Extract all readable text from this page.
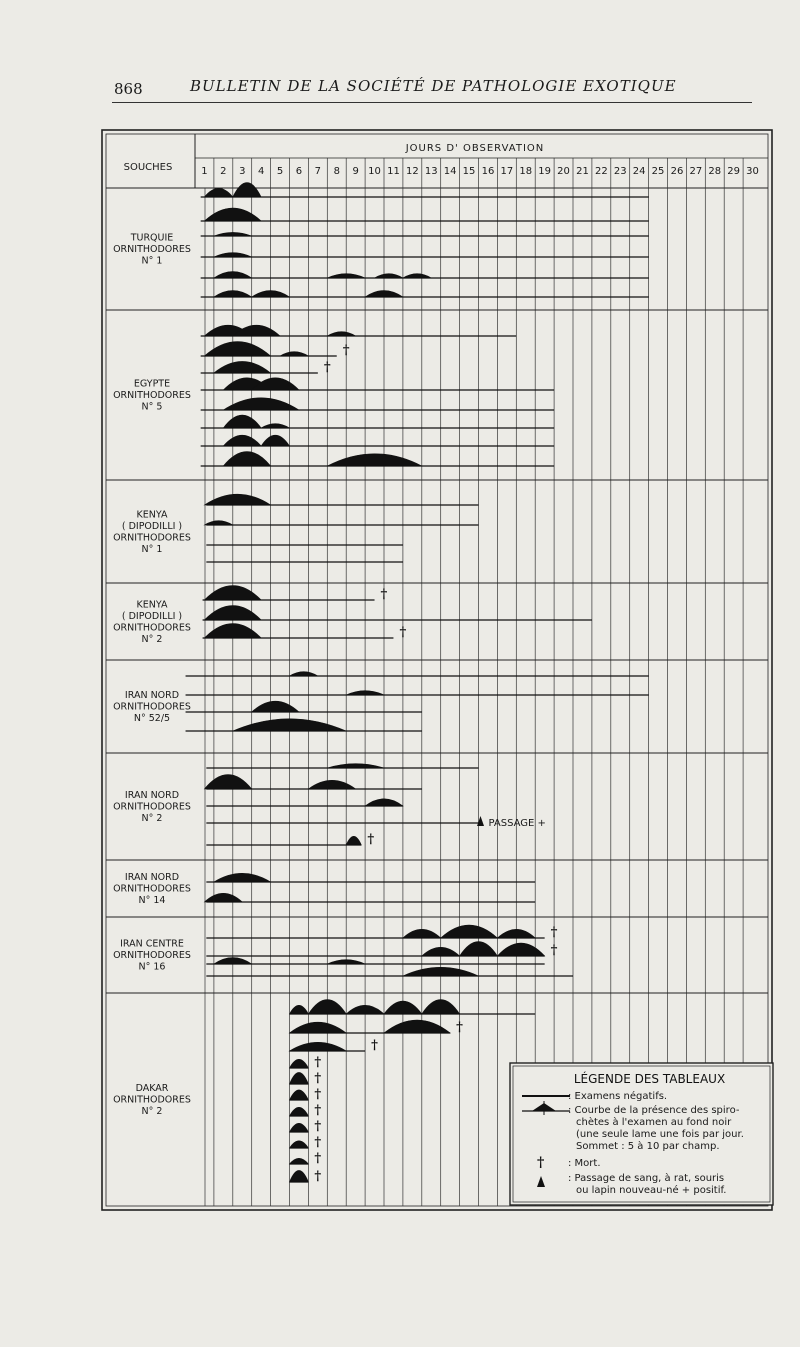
868	BULLETIN DE LA SOCIÉTÉ DE PATHOLOGIE EXOTIQUE
SOUCHES
JOURS D' OBSERVATION
1 2 3 4 5 6 7 8 9 10 11 12 13 14 15 16 17 18 19 20 21 22 23 24 25 26 27 28 29 30
TURQUIE
ORNITHODORES
N° 1
EGYPTE
ORNITHODORES
N° 5
KENYA
( DIPODILLI )
ORNITHODORES
N° 1
KENYA
( DIPODILLI )
ORNITHODORES
N° 2
IRAN NORD
ORNITHODORES
N° 52/5
IRAN NORD
ORNITHODORES
N° 2
IRAN NORD
ORNITHODORES
N° 14
IRAN CENTRE
ORNITHODORES
N° 16
DAKAR
ORNITHODORES
N° 2
†
†
†
†
PASSAGE +
†
†
†
†
†
†
†
†
†
†
†
†
†
LÉGENDE DES TABLEAUX
†
: Examens négatifs.
: Courbe de la présence des spiro-
chètes à l'examen au fond noir
(une seule lame une fois par jour.
Sommet : 5 à 10 par champ.
: Mort.
: Passage de sang, à rat, souris
ou lapin nouveau-né + positif.
